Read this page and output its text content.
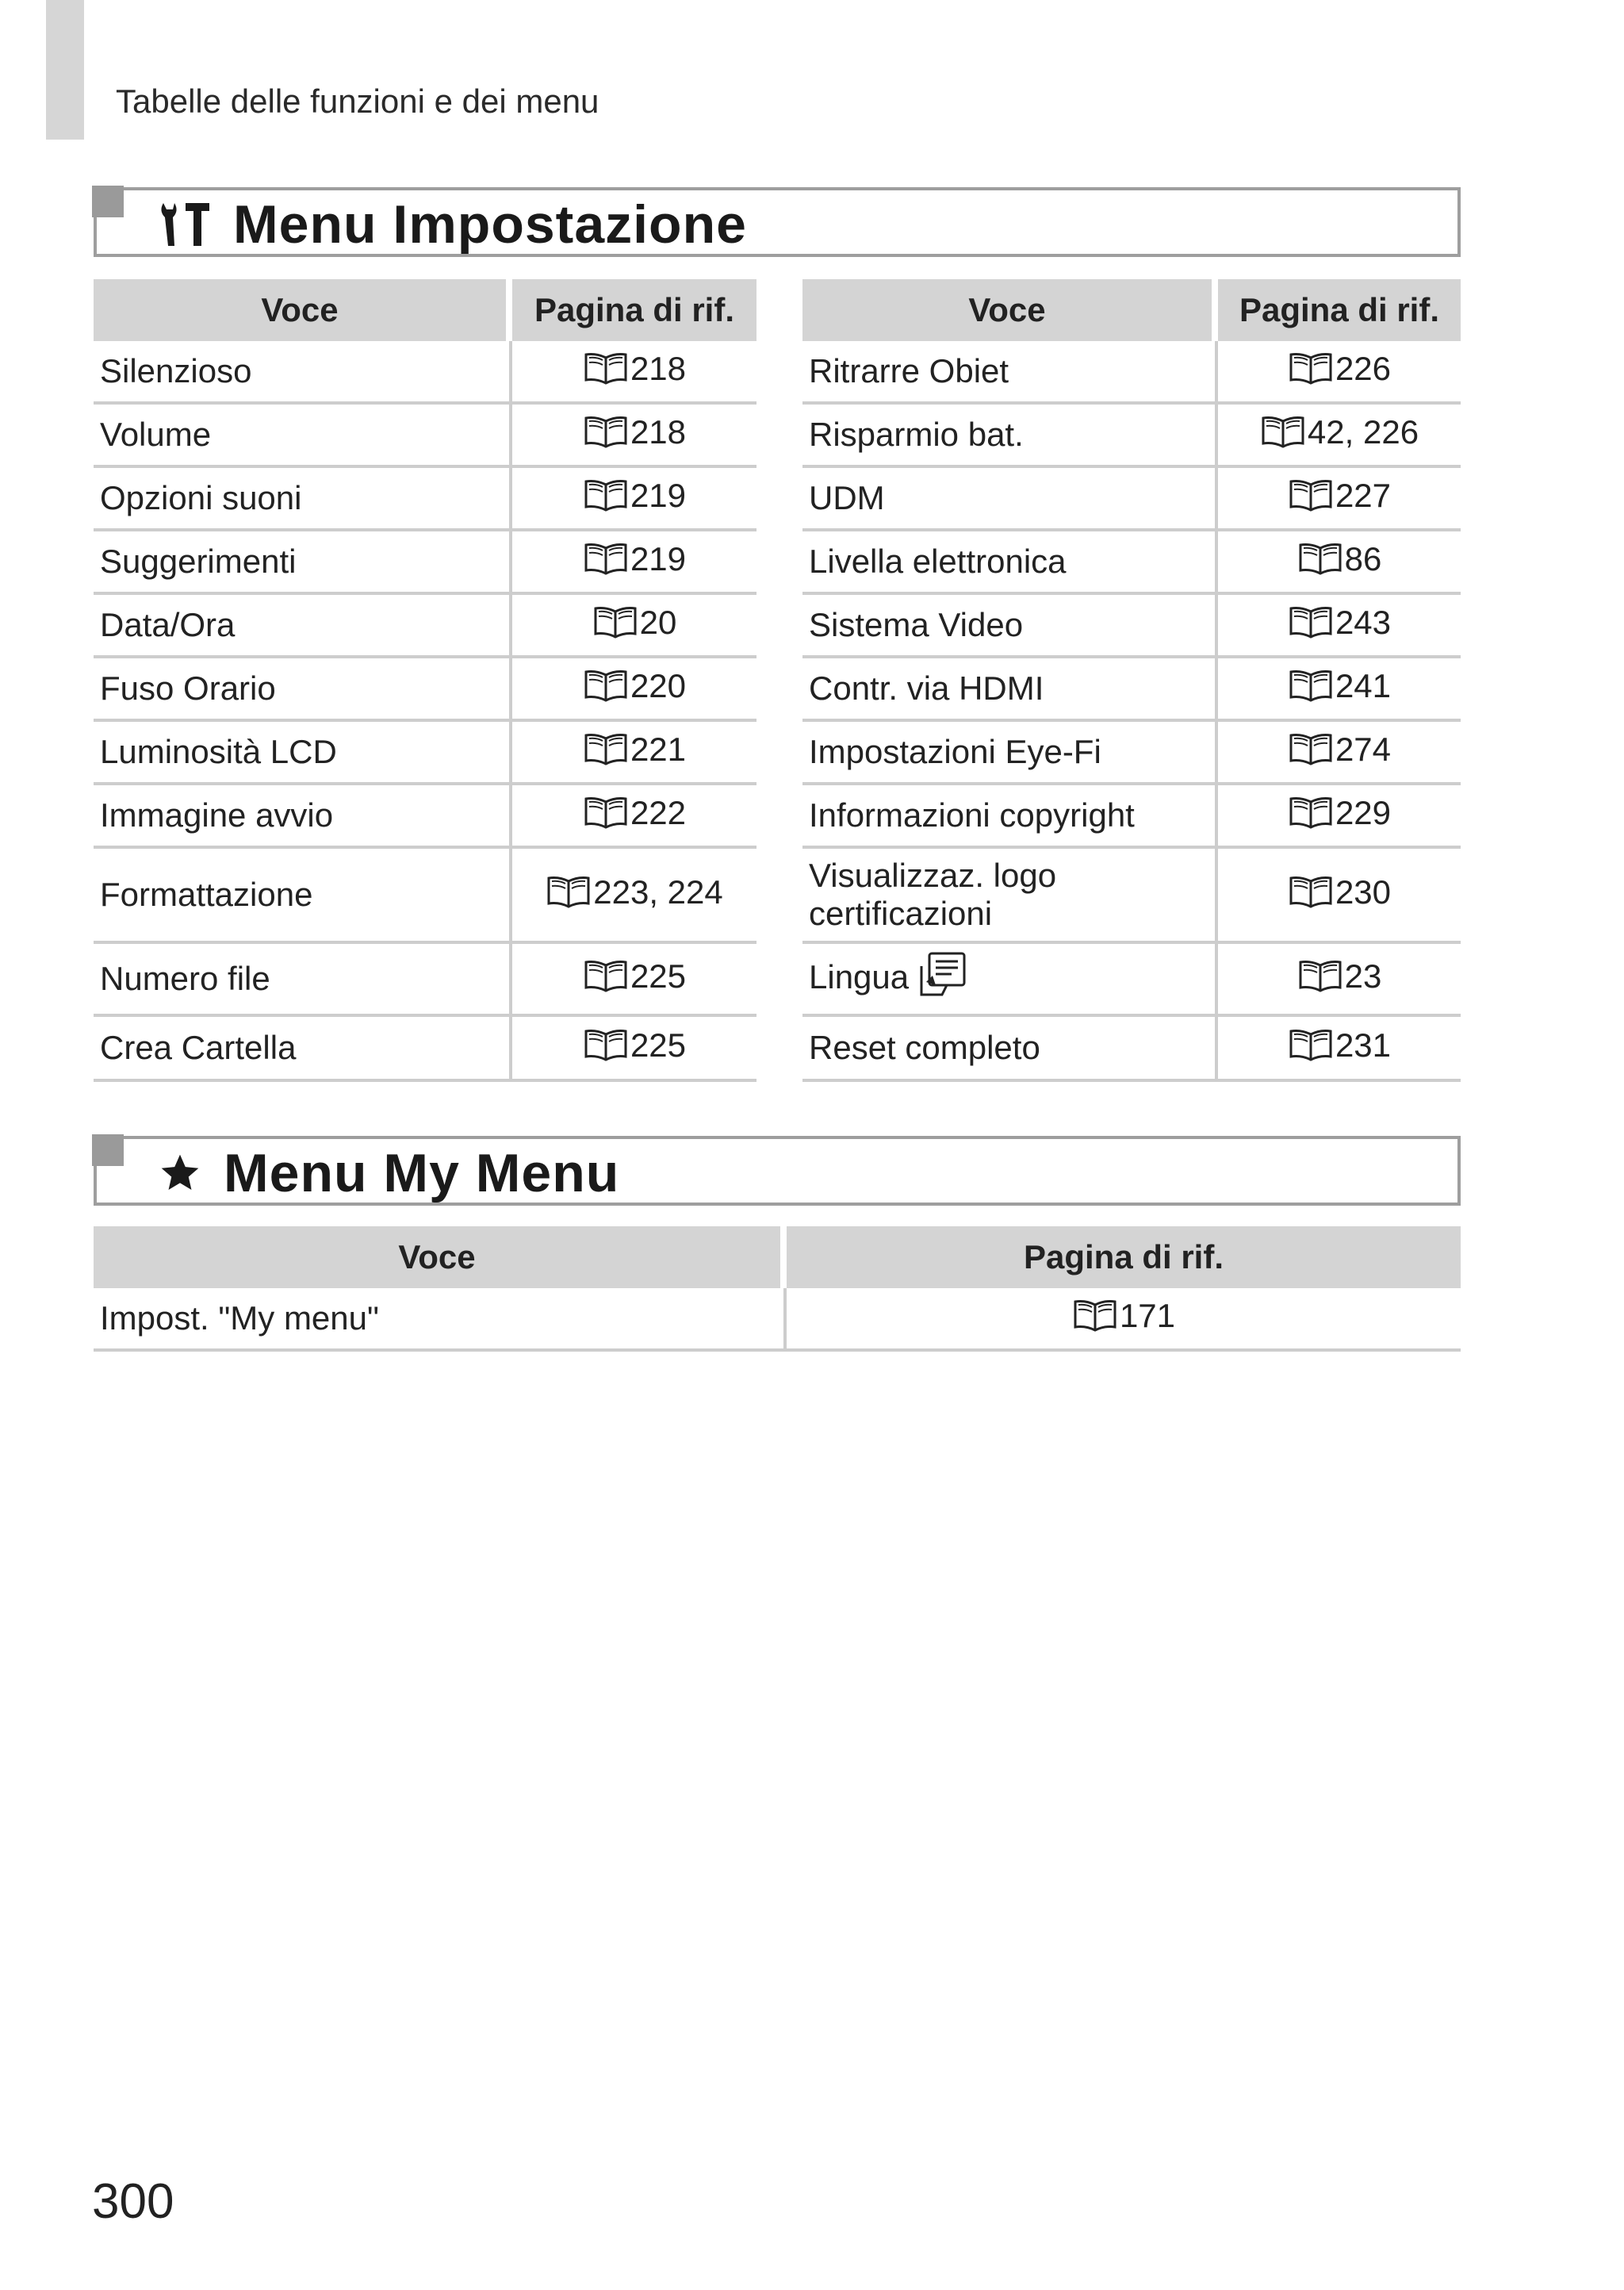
Tabelle delle funzioni e dei menu
Menu Impostazione
Voce	Pagina di rif.
Silenzioso	218
Volume	218
Opzioni suoni	219
Suggerimenti	219
Data/Ora	20
Fuso Orario	220
Luminosità LCD	221
Immagine avvio	222
Formattazione	223, 224
Numero file	225
Crea Cartella	225
Voce	Pagina di rif.
Ritrarre Obiet	226
Risparmio bat.	42, 226
UDM	227
Livella elettronica	86
Sistema Video	243
Contr. via HDMI	241
Impostazioni Eye-Fi	274
Informazioni copyright	229
Visualizzaz. logo
certificazioni	230
Lingua	23
Reset completo	231
Menu My Menu
Voce	Pagina di rif.
Impost. "My menu"	171
300
